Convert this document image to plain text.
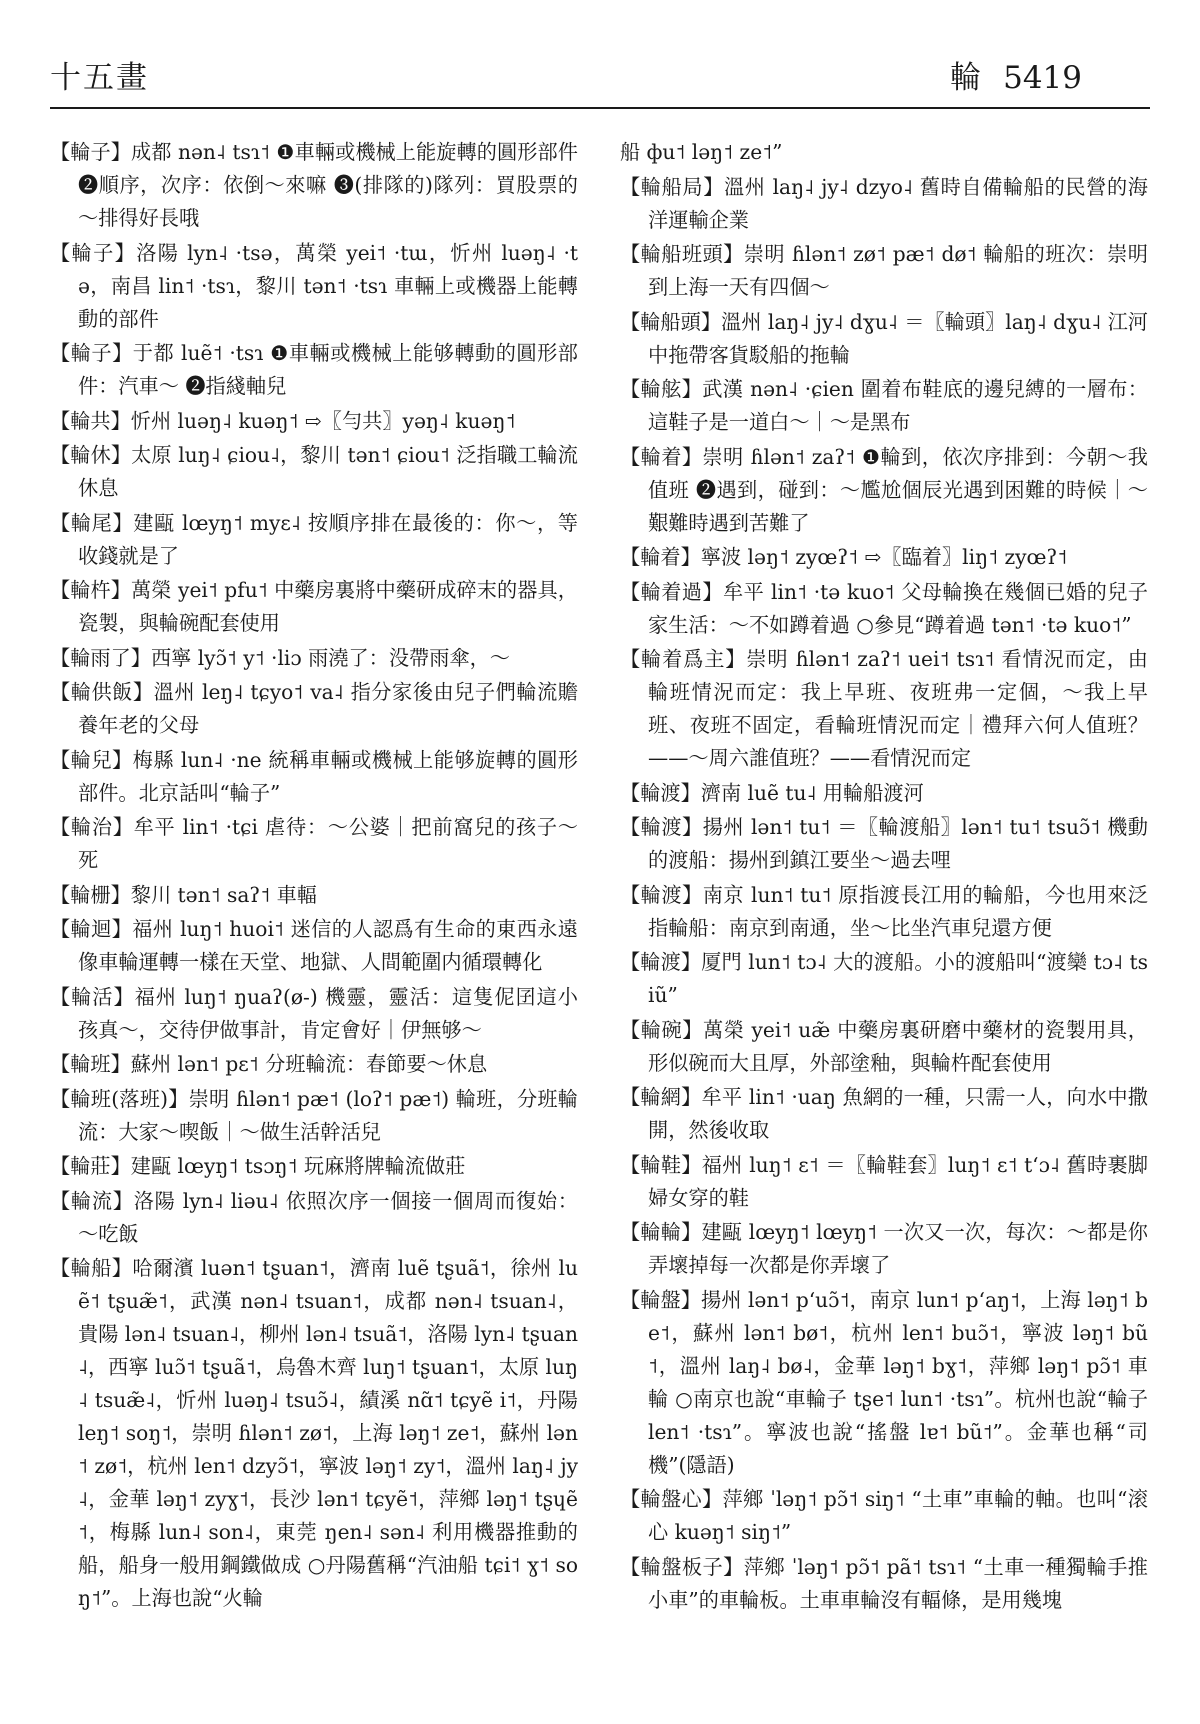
十五畫	輪 5419

【輪子】成都 nən˨ tsɿ˦ ❶車輛或機械上能旋轉的圓形部件 ❷順序，次序：依倒～來嘛 ❸(排隊的)隊列：買股票的～排得好長哦

【輪子】洛陽 lyn˨ ·tsə，萬榮 yei˦ ·tɯ，忻州 luəŋ˨ ·tə，南昌 lin˦ ·tsɿ，黎川 tən˦ ·tsɿ 車輛上或機器上能轉動的部件

【輪子】于都 luẽ˦ ·tsɿ ❶車輛或機械上能够轉動的圓形部件：汽車～ ❷指綫軸兒

【輪共】忻州 luəŋ˨ kuəŋ˦ ⇨〖勻共〗yəŋ˨ kuəŋ˦

【輪休】太原 luŋ˨ ɕiou˨，黎川 tən˦ ɕiou˦ 泛指職工輪流休息

【輪尾】建甌 lœyŋ˦ myɛ˨ 按順序排在最後的：你～，等收錢就是了

【輪杵】萬榮 yei˦ pfu˦ 中藥房裏將中藥研成碎末的器具，瓷製，與輪碗配套使用

【輪雨了】西寧 lyɔ̃˦ y˦ ·liɔ 雨澆了：没帶雨傘，～

【輪供飯】溫州 leŋ˨ tɕyo˦ va˨ 指分家後由兒子們輪流贍養年老的父母

【輪兒】梅縣 lun˨ ·ne 統稱車輛或機械上能够旋轉的圓形部件。北京話叫“輪子”

【輪治】牟平 lin˦ ·tɕi 虐待：～公婆｜把前窩兒的孩子～死

【輪栅】黎川 tən˦ saʔ˦ 車輻

【輪迴】福州 luŋ˦ huoi˦ 迷信的人認爲有生命的東西永遠像車輪運轉一樣在天堂、地獄、人間範圍内循環轉化

【輪活】福州 luŋ˦ ŋuaʔ(ø-) 機靈，靈活：這隻伲囝這小孩真～，交待伊做事計，肯定會好｜伊無够～

【輪班】蘇州 lən˦ pɛ˦ 分班輪流：春節要～休息

【輪班(落班)】崇明 ɦlən˦ pæ˦ (loʔ˦ pæ˦) 輪班，分班輪流：大家～喫飯｜～做生活幹活兒

【輪莊】建甌 lœyŋ˦ tsɔŋ˦ 玩麻將牌輪流做莊

【輪流】洛陽 lyn˨ liəu˨ 依照次序一個接一個周而復始：～吃飯

【輪船】哈爾濱 luən˦ tʂuan˦，濟南 luẽ tʂuã˦，徐州 luẽ˦ tʂuæ̃˦，武漢 nən˨ tsuan˦，成都 nən˨ tsuan˨，貴陽 lən˨ tsuan˨，柳州 lən˨ tsuã˦，洛陽 lyn˨ tʂuan˨，西寧 luɔ̃˦ tʂuã˦，烏魯木齊 luŋ˦ tʂuan˦，太原 luŋ˨ tsuæ̃˨，忻州 luəŋ˨ tsuɔ̃˨，績溪 nɑ̃˦ tɕyẽ i˦，丹陽 leŋ˦ soŋ˦，崇明 ɦlən˦ zø˦，上海 ləŋ˦ ze˦，蘇州 lən˦ zø˦，杭州 len˦ dzyɔ̃˦，寧波 ləŋ˦ zy˦，溫州 laŋ˨ jy˨，金華 ləŋ˦ zyɣ˦，長沙 lən˦ tɕyẽ˦，萍鄉 ləŋ˦ tʂɥẽ˦，梅縣 lun˨ son˨，東莞 ŋen˨ sən˨ 利用機器推動的船，船身一般用鋼鐵做成 ○丹陽舊稱“汽油船 tɕi˦ ɣ˦ soŋ˦”。上海也說“火輪

船 фu˦ ləŋ˦ ze˦”

【輪船局】溫州 laŋ˨ jy˨ dzyo˨ 舊時自備輪船的民營的海洋運輸企業

【輪船班頭】崇明 ɦlən˦ zø˦ pæ˦ dø˦ 輪船的班次：崇明到上海一天有四個～

【輪船頭】溫州 laŋ˨ jy˨ dɣu˨ ＝〖輪頭〗laŋ˨ dɣu˨ 江河中拖帶客貨駁船的拖輪

【輪舷】武漢 nən˨ ·ɕien 圍着布鞋底的邊兒縛的一層布：這鞋子是一道白～｜～是黑布

【輪着】崇明 ɦlən˦ zaʔ˦ ❶輪到，依次序排到：今朝～我值班 ❷遇到，碰到：～尷尬個辰光遇到困難的時候｜～艱難時遇到苦難了

【輪着】寧波 ləŋ˦ zyœʔ˦ ⇨〖臨着〗liŋ˦ zyœʔ˦

【輪着過】牟平 lin˦ ·tə kuo˦ 父母輪換在幾個已婚的兒子家生活：～不如蹲着過 ○參見“蹲着過 tən˦ ·tə kuo˦”

【輪着爲主】崇明 ɦlən˦ zaʔ˦ uei˦ tsɿ˦ 看情況而定，由輪班情況而定：我上早班、夜班弗一定個，～我上早班、夜班不固定，看輪班情況而定｜禮拜六何人值班？——～周六誰值班？——看情況而定

【輪渡】濟南 luẽ tu˨ 用輪船渡河

【輪渡】揚州 lən˦ tu˦ ＝〖輪渡船〗lən˦ tu˦ tsuɔ̃˦ 機動的渡船：揚州到鎮江要坐～過去哩

【輪渡】南京 lun˦ tu˦ 原指渡長江用的輪船，今也用來泛指輪船：南京到南通，坐～比坐汽車兒還方便

【輪渡】厦門 lun˦ tɔ˨ 大的渡船。小的渡船叫“渡欒 tɔ˨ tsiũ”

【輪碗】萬榮 yei˦ uæ̃ 中藥房裏研磨中藥材的瓷製用具，形似碗而大且厚，外部塗釉，與輪杵配套使用

【輪網】牟平 lin˦ ·uaŋ 魚網的一種，只需一人，向水中撒開，然後收取

【輪鞋】福州 luŋ˦ ɛ˦ ＝〖輪鞋套〗luŋ˦ ɛ˦ tʻɔ˨ 舊時裹脚婦女穿的鞋

【輪輪】建甌 lœyŋ˦ lœyŋ˦ 一次又一次，每次：～都是你弄壞掉每一次都是你弄壞了

【輪盤】揚州 lən˦ pʻuɔ̃˦，南京 lun˦ pʻaŋ˦，上海 ləŋ˦ be˦，蘇州 lən˦ bø˦，杭州 len˦ buɔ̃˦，寧波 ləŋ˦ bũ˦，溫州 laŋ˨ bø˨，金華 ləŋ˦ bɣ˦，萍鄉 ləŋ˦ pɔ̃˦ 車輪 ○南京也說“車輪子 tʂe˦ lun˦ ·tsɿ”。杭州也說“輪子 len˦ ·tsɿ”。寧波也說“搖盤 lɐ˦ bũ˦”。金華也稱“司機”(隱語)

【輪盤心】萍鄉 ˈləŋ˦ pɔ̃˦ siŋ˦ “土車”車輪的軸。也叫“滚心 kuəŋ˦ siŋ˦”

【輪盤板子】萍鄉 ˈləŋ˦ pɔ̃˦ pã˦ tsɿ˦ “土車一種獨輪手推小車”的車輪板。土車車輪沒有輻條，是用幾塊
